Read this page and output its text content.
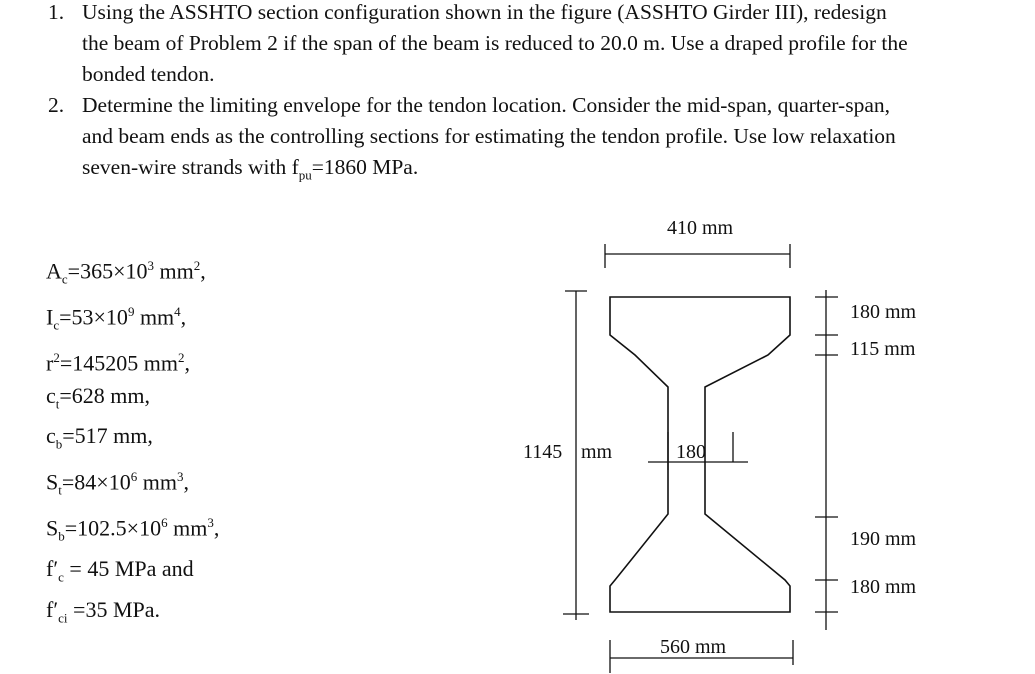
1. Using the ASSHTO section configuration shown in the figure (ASSHTO Girder III), redesign
the beam of Problem 2 if the span of the beam is reduced to 20.0 m. Use a draped profile for the
bonded tendon.
2. Determine the limiting envelope for the tendon location. Consider the mid-span, quarter-span,
and beam ends as the controlling sections for estimating the tendon profile. Use low relaxation
seven-wire strands with $f_{pu}=1860$ MPa.
$A_c=365\times 10^3$ $mm^2$,
$I_c=53\times 10^9$ $mm^4$,
$r^2=145205$ $mm^2$,
$c_t=628$ mm,
$c_b=517$ mm,
$S_t=84\times 10^6$ $mm^3$,
$S_b=102.5\times 10^6$ $mm^3$,
$f'_c = 45$ MPa and
$f'_{ci} =35$ MPa.
410 mm
1145 mm	180
180 mm
115 mm
190 mm
180 mm
560 mm
